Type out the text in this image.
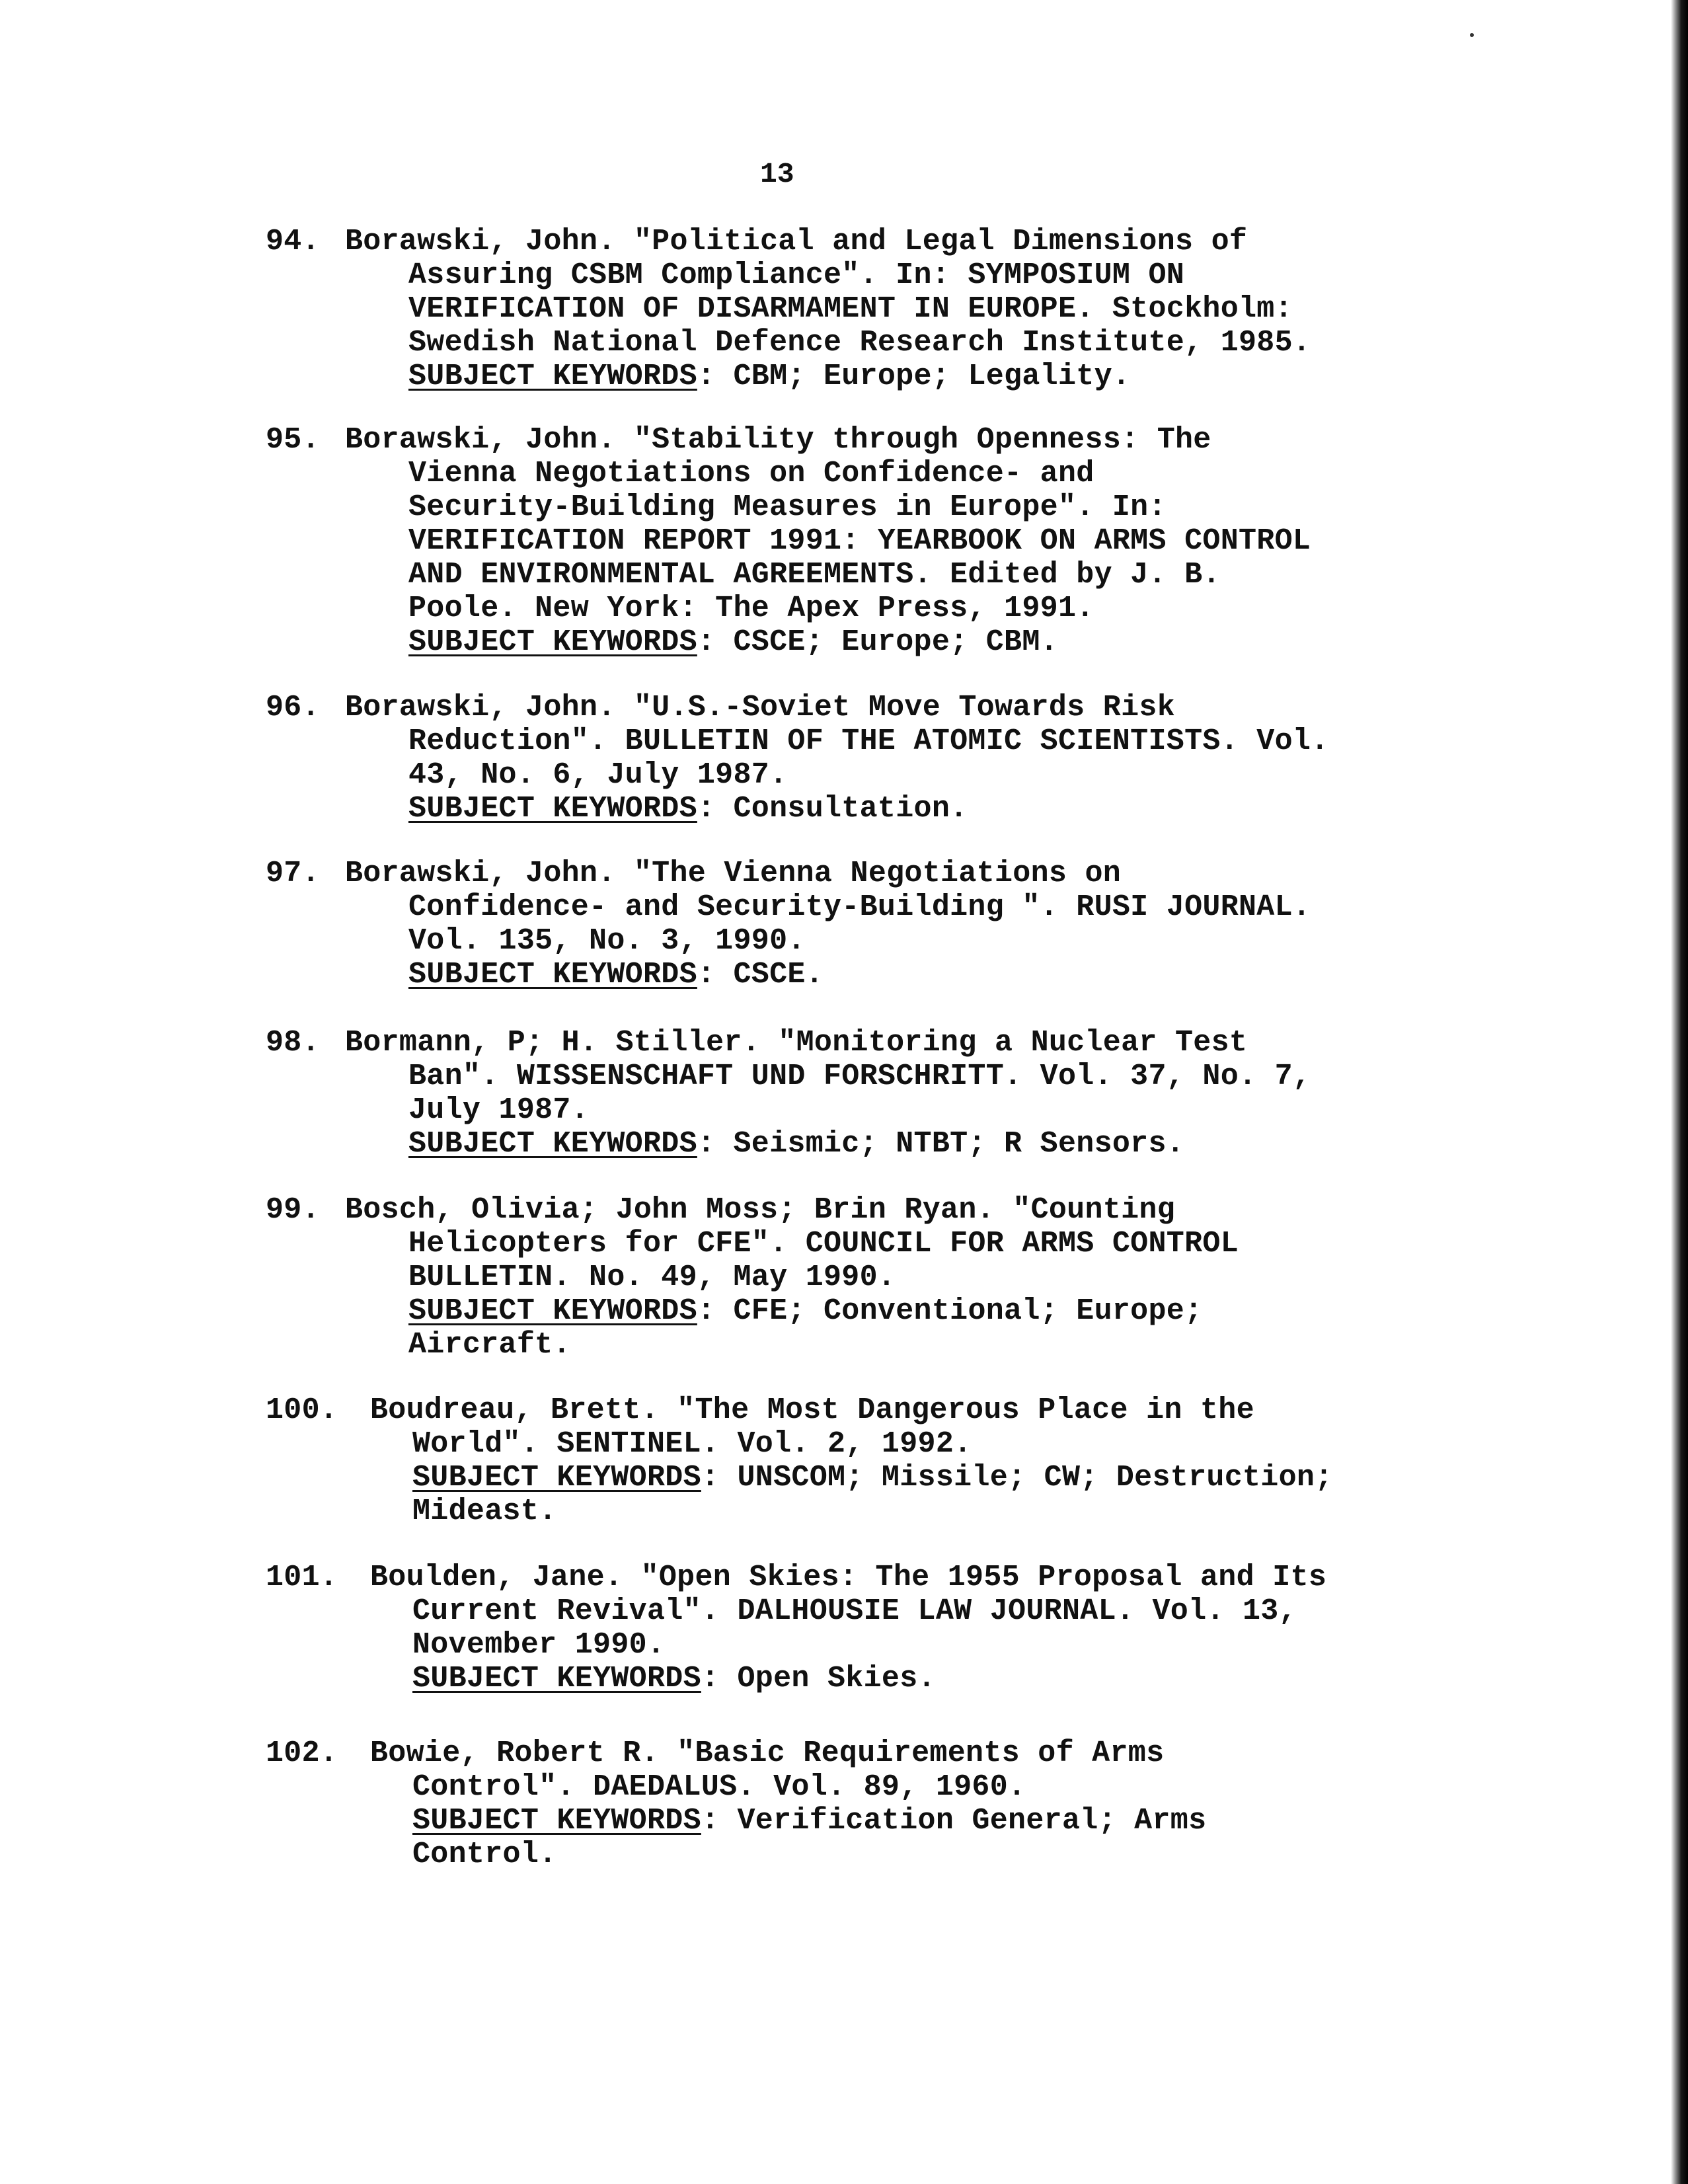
13
94. Borawski, John. "Political and Legal Dimensions of
Assuring CSBM Compliance". In: SYMPOSIUM ON
VERIFICATION OF DISARMAMENT IN EUROPE. Stockholm:
Swedish National Defence Research Institute, 1985.
SUBJECT KEYWORDS: CBM; Europe; Legality.
95. Borawski, John. "Stability through Openness: The
Vienna Negotiations on Confidence- and
Security-Building Measures in Europe". In:
VERIFICATION REPORT 1991: YEARBOOK ON ARMS CONTROL
AND ENVIRONMENTAL AGREEMENTS. Edited by J. B.
Poole. New York: The Apex Press, 1991.
SUBJECT KEYWORDS: CSCE; Europe; CBM.
96. Borawski, John. "U.S.-Soviet Move Towards Risk
Reduction". BULLETIN OF THE ATOMIC SCIENTISTS. Vol.
43, No. 6, July 1987.
SUBJECT KEYWORDS: Consultation.
97. Borawski, John. "The Vienna Negotiations on
Confidence- and Security-Building ". RUSI JOURNAL.
Vol. 135, No. 3, 1990.
SUBJECT KEYWORDS: CSCE.
98. Bormann, P; H. Stiller. "Monitoring a Nuclear Test
Ban". WISSENSCHAFT UND FORSCHRITT. Vol. 37, No. 7,
July 1987.
SUBJECT KEYWORDS: Seismic; NTBT; R Sensors.
99. Bosch, Olivia; John Moss; Brin Ryan. "Counting
Helicopters for CFE". COUNCIL FOR ARMS CONTROL
BULLETIN. No. 49, May 1990.
SUBJECT KEYWORDS: CFE; Conventional; Europe;
Aircraft.
100. Boudreau, Brett. "The Most Dangerous Place in the
World". SENTINEL. Vol. 2, 1992.
SUBJECT KEYWORDS: UNSCOM; Missile; CW; Destruction;
Mideast.
101. Boulden, Jane. "Open Skies: The 1955 Proposal and Its
Current Revival". DALHOUSIE LAW JOURNAL. Vol. 13,
November 1990.
SUBJECT KEYWORDS: Open Skies.
102. Bowie, Robert R. "Basic Requirements of Arms
Control". DAEDALUS. Vol. 89, 1960.
SUBJECT KEYWORDS: Verification General; Arms
Control.
